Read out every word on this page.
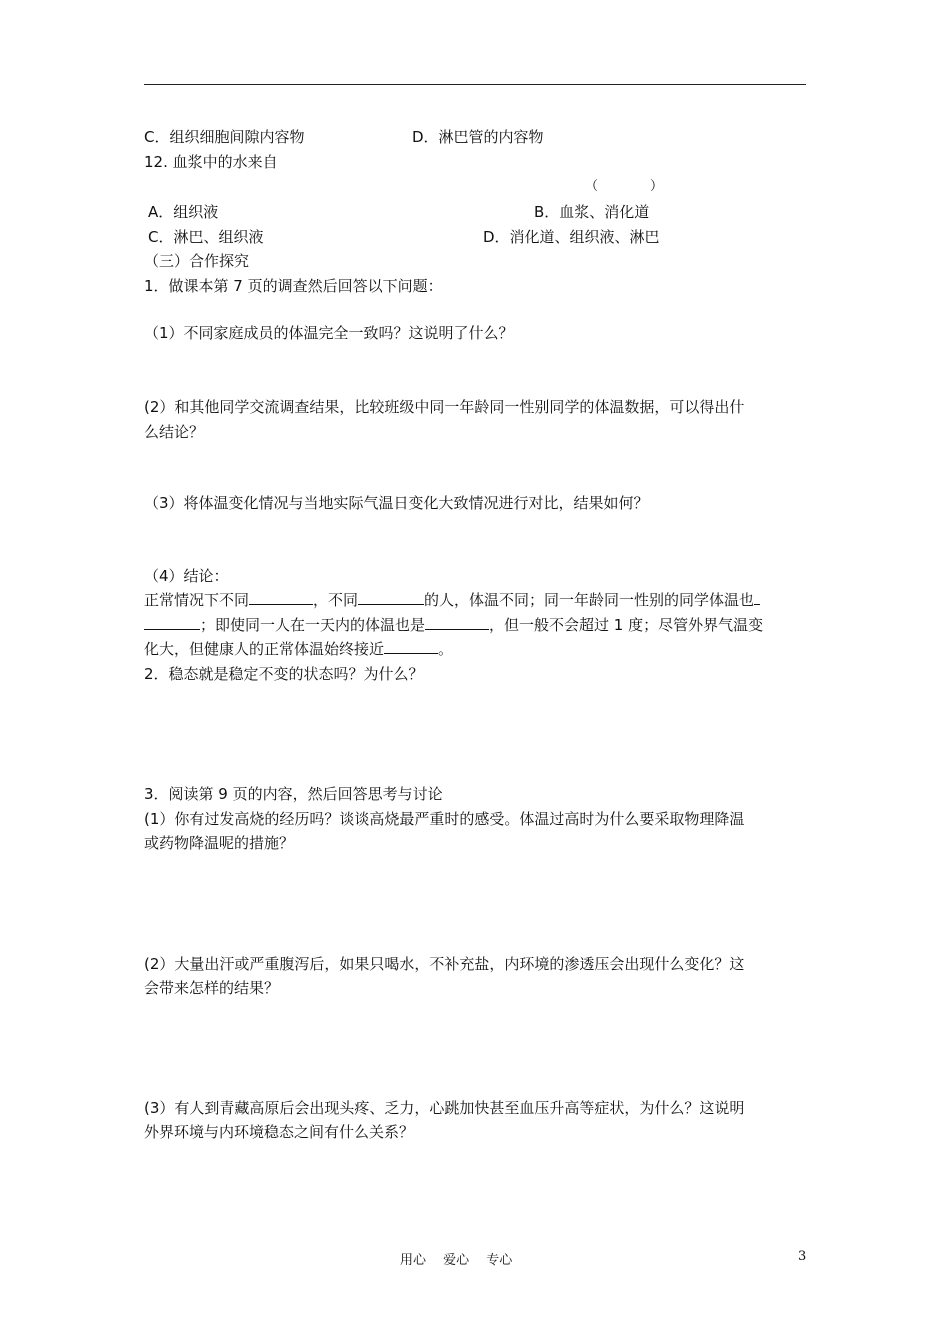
C．组织细胞间隙内容物	D．淋巴管的内容物
12. 血浆中的水来自
（　　　　）
A．组织液	B．血浆、消化道
C．淋巴、组织液	D．消化道、组织液、淋巴
（三）合作探究
1．做课本第 7 页的调查然后回答以下问题：
（1）不同家庭成员的体温完全一致吗？这说明了什么？
(2）和其他同学交流调查结果，比较班级中同一年龄同一性别同学的体温数据，可以得出什
么结论？
（3）将体温变化情况与当地实际气温日变化大致情况进行对比，结果如何？
（4）结论：
正常情况下不同	，不同	的人，体温不同；同一年龄同一性别的同学体温也
；即使同一人在一天内的体温也是	，但一般不会超过 1 度；尽管外界气温变
化大，但健康人的正常体温始终接近	。
2．稳态就是稳定不变的状态吗？为什么？
3．阅读第 9 页的内容，然后回答思考与讨论
(1）你有过发高烧的经历吗？谈谈高烧最严重时的感受。体温过高时为什么要采取物理降温
或药物降温呢的措施？
(2）大量出汗或严重腹泻后，如果只喝水，不补充盐，内环境的渗透压会出现什么变化？这
会带来怎样的结果？
(3）有人到青藏高原后会出现头疼、乏力，心跳加快甚至血压升高等症状，为什么？这说明
外界环境与内环境稳态之间有什么关系？
用心　 爱心　 专心	3
